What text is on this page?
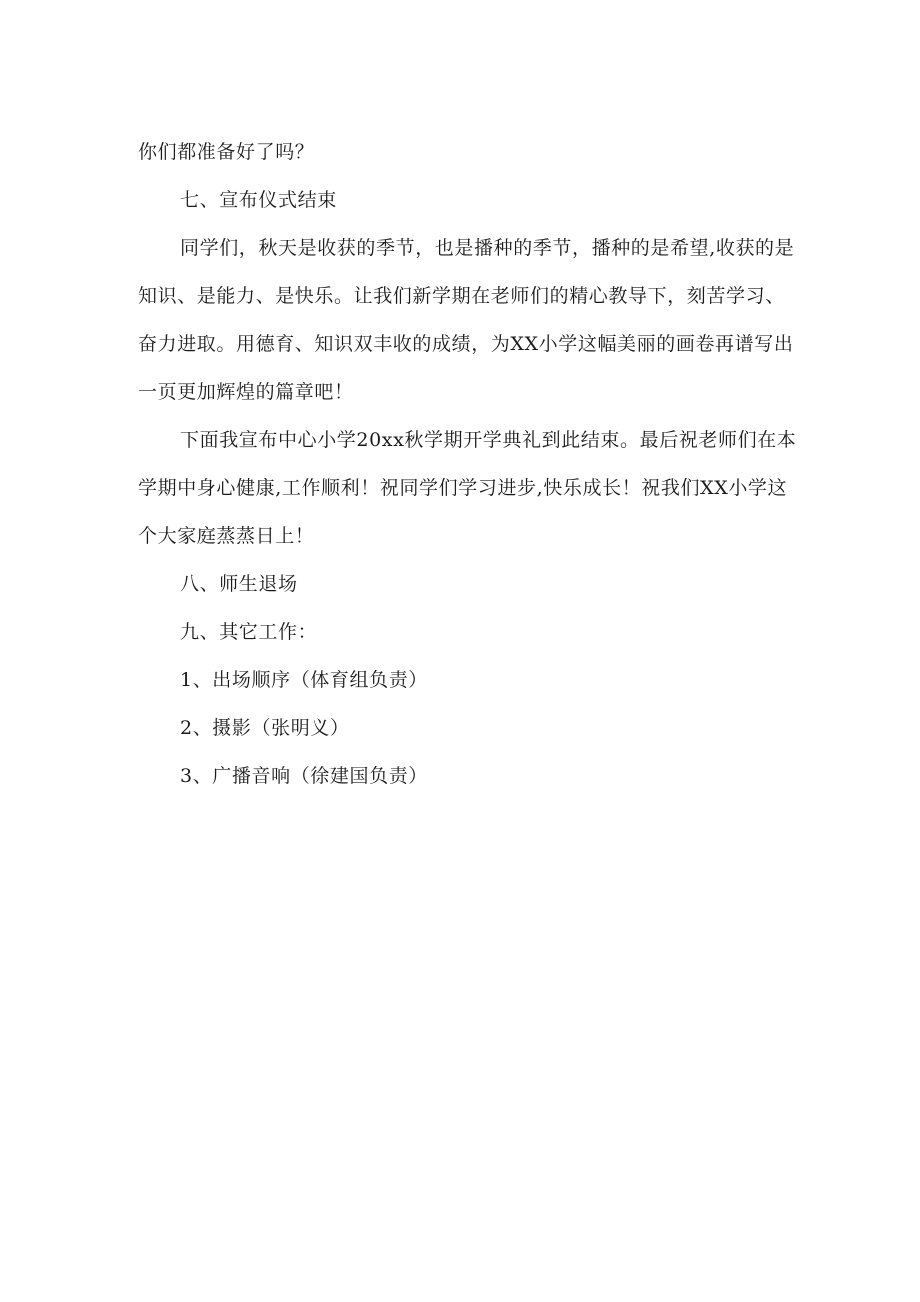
你们都准备好了吗？

七、宣布仪式结束

同学们，秋天是收获的季节，也是播种的季节，播种的是希望,收获的是知识、是能力、是快乐。让我们新学期在老师们的精心教导下，刻苦学习、奋力进取。用德育、知识双丰收的成绩，为XX小学这幅美丽的画卷再谱写出一页更加辉煌的篇章吧！

下面我宣布中心小学20xx秋学期开学典礼到此结束。最后祝老师们在本学期中身心健康,工作顺利！祝同学们学习进步,快乐成长！祝我们XX小学这个大家庭蒸蒸日上！

八、师生退场

九、其它工作：

1、出场顺序（体育组负责）

2、摄影（张明义）

3、广播音响（徐建国负责）
